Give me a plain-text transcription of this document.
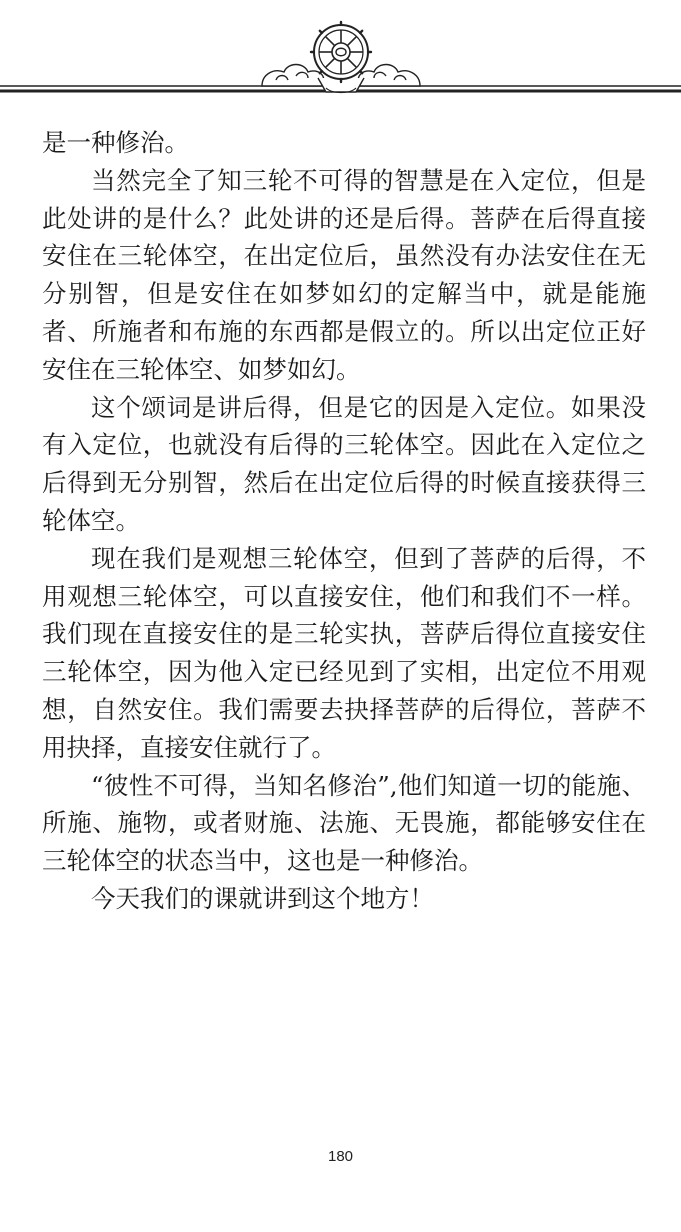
是一种修治。

当然完全了知三轮不可得的智慧是在入定位，但是此处讲的是什么？此处讲的还是后得。菩萨在后得直接安住在三轮体空，在出定位后，虽然没有办法安住在无分别智，但是安住在如梦如幻的定解当中，就是能施者、所施者和布施的东西都是假立的。所以出定位正好安住在三轮体空、如梦如幻。

这个颂词是讲后得，但是它的因是入定位。如果没有入定位，也就没有后得的三轮体空。因此在入定位之后得到无分别智，然后在出定位后得的时候直接获得三轮体空。

现在我们是观想三轮体空，但到了菩萨的后得，不用观想三轮体空，可以直接安住，他们和我们不一样。我们现在直接安住的是三轮实执，菩萨后得位直接安住三轮体空，因为他入定已经见到了实相，出定位不用观想，自然安住。我们需要去抉择菩萨的后得位，菩萨不用抉择，直接安住就行了。

“彼性不可得，当知名修治”,他们知道一切的能施、所施、施物，或者财施、法施、无畏施，都能够安住在三轮体空的状态当中，这也是一种修治。

今天我们的课就讲到这个地方！

180
